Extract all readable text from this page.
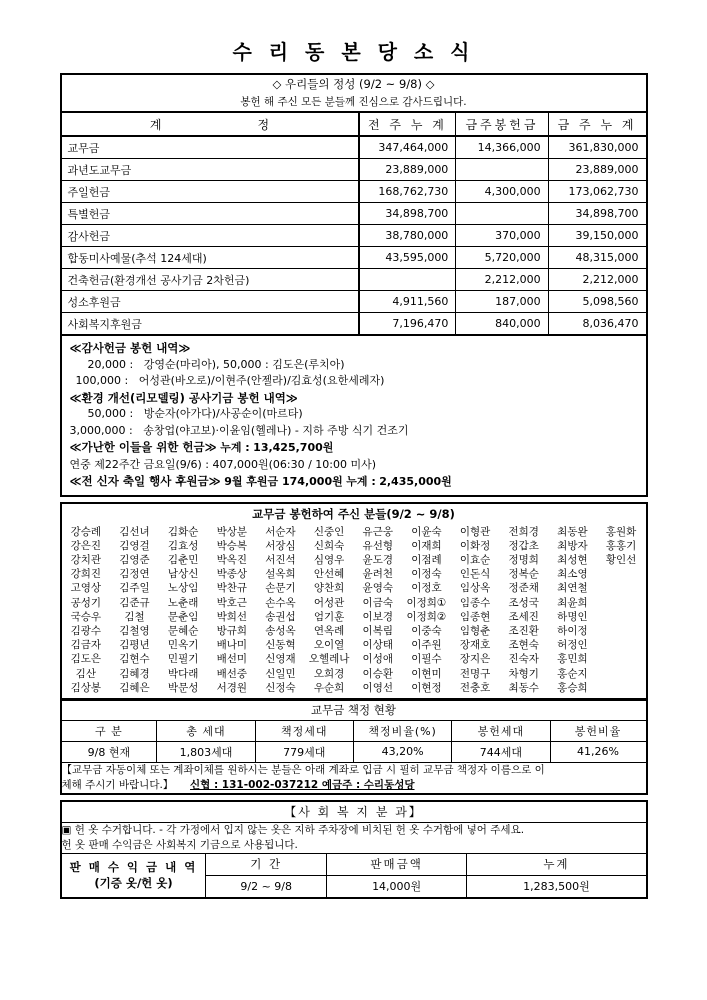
수 리 동 본 당 소 식
◇ 우리들의 정성 (9/2 ~ 9/8) ◇			
봉헌 해 주신 모든 분들께 진심으로 감사드립니다.			
계 정	전 주 누 계	금주봉헌금	금 주 누 계
교무금	347,464,000	14,366,000	361,830,000
과년도교무금	23,889,000		23,889,000
주일헌금	168,762,730	4,300,000	173,062,730
특별헌금	34,898,700		34,898,700
감사헌금	38,780,000	370,000	39,150,000
합동미사예물(추석 124세대)	43,595,000	5,720,000	48,315,000
건축헌금(환경개선 공사기금 2차헌금)		2,212,000	2,212,000
성소후원금	4,911,560	187,000	5,098,560
사회복지후원금	7,196,470	840,000	8,036,470
≪감사헌금 봉헌 내역≫
20,000 : 강영순(마리아), 50,000 : 김도은(루치아)
100,000 : 어성관(바오로)/이현주(안젤라)/김효성(요한세례자)
≪환경 개선(리모델링) 공사기금 봉헌 내역≫
50,000 : 방순자(아가다)/사공순이(마르타)
3,000,000 : 송창업(야고보)·이윤임(헬레나) - 지하 주방 식기 건조기
≪가난한 이들을 위한 헌금≫ 누계 : 13,425,700원
연중 제22주간 금요일(9/6) : 407,000원(06:30 / 10:00 미사)
≪전 신자 축일 행사 후원금≫ 9월 후원금 174,000원 누계 : 2,435,000원
교무금 봉헌하여 주신 분들(9/2 ~ 9/8)
강승례	김선녀	김화순	박상분	서순자	신중인	유근웅	이윤숙	이형관	전희경	최동완	홍원화
강은진	김영걸	김효성	박승복	서장심	신희숙	유선형	이재희	이화정	정갑초	최방자	홍홍기
강치관	김영준	김춘민	박옥진	서진석	심영우	윤도경	이점례	이효순	정명희	최성현	황인선
강희진	김정연	남상신	박종상	설옥희	안선혜	윤려천	이정숙	인돈식	정복순	최소영	
고영상	김주일	노상임	박찬규	손문기	양찬희	윤영숙	이정호	임상옥	정준채	최연철	
공성기	김준규	노춘래	박호근	손수옥	어성관	이금숙	이정희①	임종수	조성국	최윤희	
국승우	김철	문춘임	박희선	송권섭	엄기훈	이보경	이정희②	임종현	조세진	하명인	
김광수	김철영	문혜순	방규희	송성옥	연옥례	이복림	이중숙	임형춘	조진환	하이정	
김금자	김평년	민옥기	배나미	신동혁	오이열	이상태	이주원	장재호	조현숙	허정인	
김도은	김현수	민필기	배선미	신영재	오헬레나	이성애	이필수	장지은	진숙자	홍민희	
김산	김혜경	박다래	배선중	신일민	오희경	이승환	이현미	전명구	차형기	홍순지	
김상봉	김혜은	박문성	서경원	신정숙	우순희	이영선	이현정	전충호	최동수	홍승희	
교무금 책정 현황					
구 분	총 세대	책정세대	책정비율(%)	봉헌세대	봉헌비율
9/8 현재	1,803세대	779세대	43,20%	744세대	41,26%
【교무금 자동이체 또는 계좌이체를 원하시는 분들은 아래 계좌로 입금 시 필히 교무금 책정자 이름으로 이
체해 주시기 바랍니다.】 신협 : 131-002-037212 예금주 : 수리동성당					
【사 회 복 지 분 과】			
▣ 헌 옷 수거합니다. - 각 가정에서 입지 않는 옷은 지하 주차장에 비치된 헌 옷 수거함에 넣어 주세요.
헌 옷 판매 수익금은 사회복지 기금으로 사용됩니다.			

판 매 수 익 금 내 역
(기증 옷/헌 옷)	기 간	판매금액	누계
	9/2 ~ 9/8	14,000원	1,283,500원
